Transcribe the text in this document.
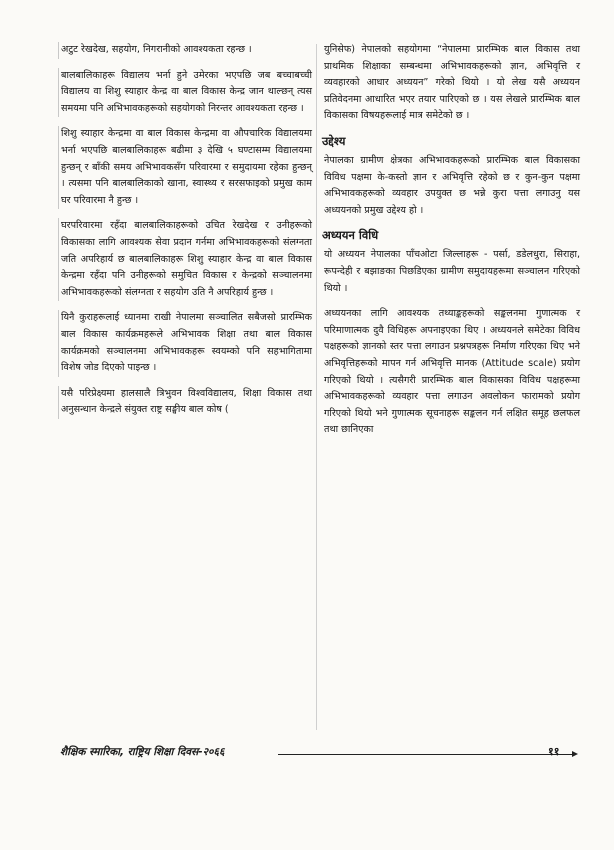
अटुट रेखदेख, सहयोग, निगरानीको आवश्यकता रहन्छ ।

बालबालिकाहरू विद्यालय भर्ना हुने उमेरका भएपछि जब बच्चाबच्ची विद्यालय वा शिशु स्याहार केन्द्र वा बाल विकास केन्द्र जान थाल्छन् त्यस समयमा पनि अभिभावकहरूको सहयोगको निरन्तर आवश्यकता रहन्छ ।

शिशु स्याहार केन्द्रमा वा बाल विकास केन्द्रमा वा औपचारिक विद्यालयमा भर्ना भएपछि बालबालिकाहरू बढीमा ३ देखि ५ घण्टासम्म विद्यालयमा हुन्छन् र बाँकी समय अभिभावकसँग परिवारमा र समुदायमा रहेका हुन्छन् । त्यसमा पनि बालबालिकाको खाना, स्वास्थ्य र सरसफाइको प्रमुख काम घर परिवारमा नै हुन्छ ।

घरपरिवारमा रहँदा बालबालिकाहरूको उचित रेखदेख र उनीहरूको विकासका लागि आवश्यक सेवा प्रदान गर्नमा अभिभावकहरूको संलग्नता जति अपरिहार्य छ बालबालिकाहरू शिशु स्याहार केन्द्र वा बाल विकास केन्द्रमा रहँदा पनि उनीहरूको समुचित विकास र केन्द्रको सञ्चालनमा अभिभावकहरूको संलग्नता र सहयोग उति नै अपरिहार्य हुन्छ ।

यिनै कुराहरूलाई ध्यानमा राखी नेपालमा सञ्चालित सबैजसो प्रारम्भिक बाल विकास कार्यक्रमहरूले अभिभावक शिक्षा तथा बाल विकास कार्यक्रमको सञ्चालनमा अभिभावकहरू स्वयम्को पनि सहभागितामा विशेष जोड दिएको पाइन्छ ।

यसै परिप्रेक्ष्यमा हालसालै त्रिभुवन विश्वविद्यालय, शिक्षा विकास तथा अनुसन्धान केन्द्रले संयुक्त राष्ट्र सङ्घीय बाल कोष (

युनिसेफ) नेपालको सहयोगमा “नेपालमा प्रारम्भिक बाल विकास तथा प्राथमिक शिक्षाका सम्बन्धमा अभिभावकहरूको ज्ञान, अभिवृत्ति र व्यवहारको आधार अध्ययन” गरेको थियो । यो लेख यसै अध्ययन प्रतिवेदनमा आधारित भएर तयार पारिएको छ । यस लेखले प्रारम्भिक बाल विकासका विषयहरूलाई मात्र समेटेको छ ।

उद्देश्य

नेपालका ग्रामीण क्षेत्रका अभिभावकहरूको प्रारम्भिक बाल विकासका विविध पक्षमा के-कस्तो ज्ञान र अभिवृत्ति रहेको छ र कुन-कुन पक्षमा अभिभावकहरूको व्यवहार उपयुक्त छ भन्ने कुरा पत्ता लगाउनु यस अध्ययनको प्रमुख उद्देश्य हो ।

अध्ययन विधि

यो अध्ययन नेपालका पाँचओटा जिल्लाहरू - पर्सा, डडेलधुरा, सिराहा, रूपन्देही र बझाङका पिछडिएका ग्रामीण समुदायहरूमा सञ्चालन गरिएको थियो ।

अध्ययनका लागि आवश्यक तथ्याङ्कहरूको सङ्कलनमा गुणात्मक र परिमाणात्मक दुवै विधिहरू अपनाइएका थिए । अध्ययनले समेटेका विविध पक्षहरूको ज्ञानको स्तर पत्ता लगाउन प्रश्नपत्रहरू निर्माण गरिएका थिए भने अभिवृत्तिहरूको मापन गर्न अभिवृत्ति मानक (Attitude scale) प्रयोग गरिएको थियो । त्यसैगरी प्रारम्भिक बाल विकासका विविध पक्षहरूमा अभिभावकहरूको व्यवहार पत्ता लगाउन अवलोकन फारामको प्रयोग गरिएको थियो भने गुणात्मक सूचनाहरू सङ्कलन गर्न लक्षित समूह छलफल तथा छानिएका

शैक्षिक स्मारिका, राष्ट्रिय शिक्षा दिवस-२०६६	११
